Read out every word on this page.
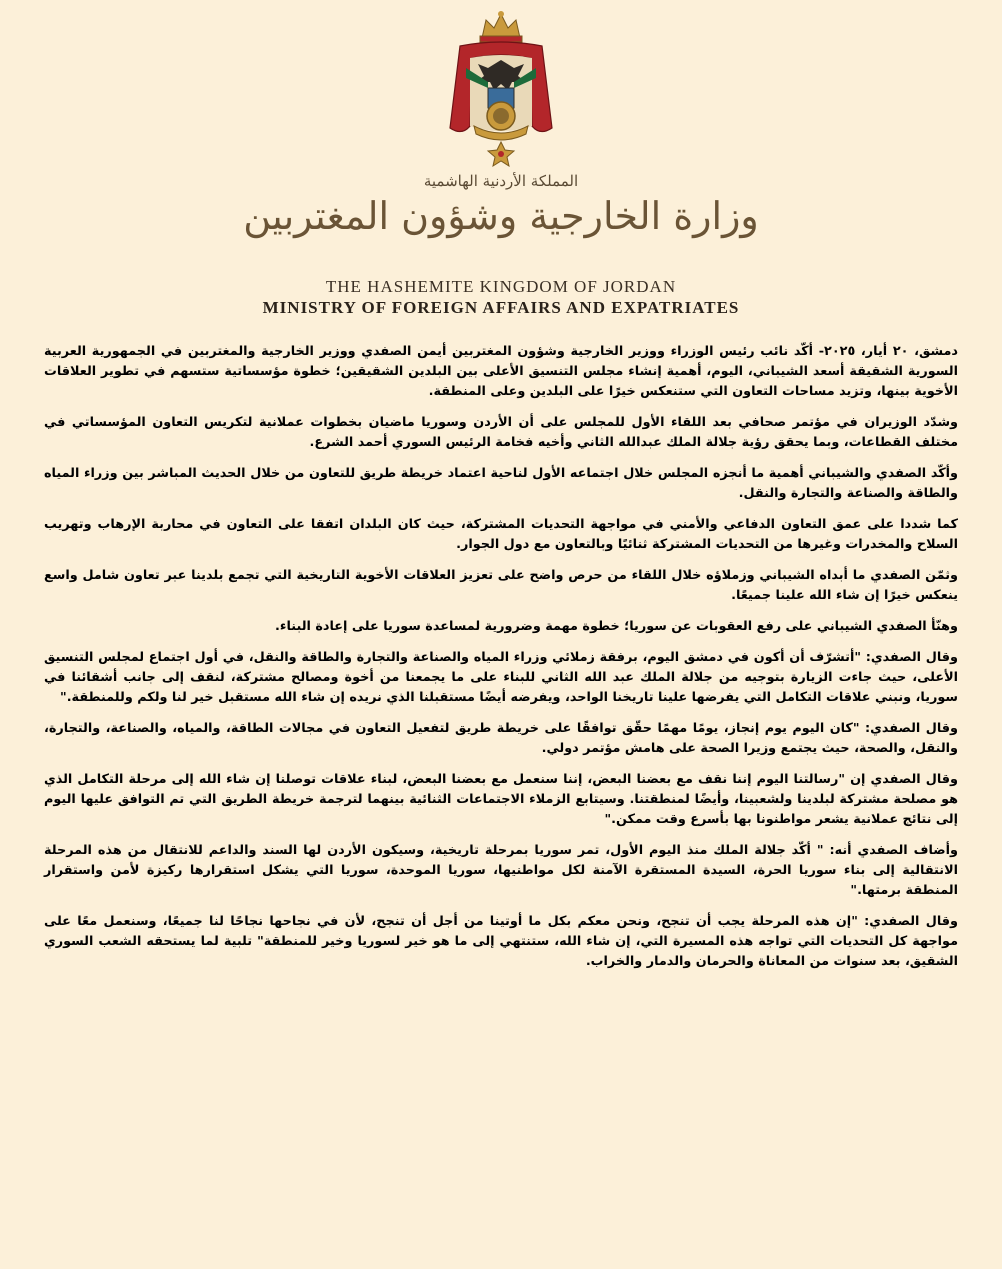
المملكة الأردنية الهاشمية
وزارة الخارجية وشؤون المغتربين
THE HASHEMITE KINGDOM OF JORDAN
MINISTRY OF FOREIGN AFFAIRS AND EXPATRIATES

دمشق، ٢٠ أيار، ٢٠٢٥- أكّد نائب رئيس الوزراء ووزير الخارجية وشؤون المغتربين أيمن الصفدي ووزير الخارجية والمغتربين في الجمهورية العربية السورية الشقيقة أسعد الشيباني، اليوم، أهمية إنشاء مجلس التنسيق الأعلى بين البلدين الشقيقين؛ خطوة مؤسساتية ستسهم في تطوير العلاقات الأخوية بينها، وتزيد مساحات التعاون التي ستنعكس خيرًا على البلدين وعلى المنطقة.

وشدّد الوزيران في مؤتمر صحافي بعد اللقاء الأول للمجلس على أن الأردن وسوريا ماضيان بخطوات عملانية لتكريس التعاون المؤسساتي في مختلف القطاعات، وبما يحقق رؤية جلالة الملك عبدالله الثاني وأخيه فخامة الرئيس السوري أحمد الشرع.

وأكّد الصفدي والشيباني أهمية ما أنجزه المجلس خلال اجتماعه الأول لناحية اعتماد خريطة طريق للتعاون من خلال الحديث المباشر بين وزراء المياه والطاقة والصناعة والتجارة والنقل.

كما شددا على عمق التعاون الدفاعي والأمني في مواجهة التحديات المشتركة، حيث كان البلدان اتفقا على التعاون في محاربة الإرهاب وتهريب السلاح والمخدرات وغيرها من التحديات المشتركة ثنائيًا وبالتعاون مع دول الجوار.

وثمّن الصفدي ما أبداه الشيباني وزملاؤه خلال اللقاء من حرص واضح على تعزيز العلاقات الأخوية التاريخية التي تجمع بلدينا عبر تعاون شامل واسع ينعكس خيرًا إن شاء الله علينا جميعًا.

وهنّأ الصفدي الشيباني على رفع العقوبات عن سوريا؛ خطوة مهمة وضرورية لمساعدة سوريا على إعادة البناء.

وقال الصفدي: "أتشرّف أن أكون في دمشق اليوم، برفقة زملائي وزراء المياه والصناعة والتجارة والطاقة والنقل، في أول اجتماع لمجلس التنسيق الأعلى، حيث جاءت الزيارة بتوجيه من جلالة الملك عبد الله الثاني للبناء على ما يجمعنا من أخوة ومصالح مشتركة، لنقف إلى جانب أشقائنا في سوريا، ونبني علاقات التكامل التي يفرضها علينا تاريخنا الواحد، ويفرضه أيضًا مستقبلنا الذي نريده إن شاء الله مستقبل خير لنا ولكم وللمنطقة."

وقال الصفدي: "كان اليوم يوم إنجاز، يومًا مهمًا حقّق توافقًا على خريطة طريق لتفعيل التعاون في مجالات الطاقة، والمياه، والصناعة، والتجارة، والنقل، والصحة، حيث يجتمع وزيرا الصحة على هامش مؤتمر دولي.

وقال الصفدي إن "رسالتنا اليوم إننا نقف مع بعضنا البعض، إننا سنعمل مع بعضنا البعض، لبناء علاقات توصلنا إن شاء الله إلى مرحلة التكامل الذي هو مصلحة مشتركة لبلدينا ولشعبينا، وأيضًا لمنطقتنا. وسيتابع الزملاء الاجتماعات الثنائية بينهما لترجمة خريطة الطريق التي تم التوافق عليها اليوم إلى نتائج عملانية يشعر مواطنونا بها بأسرع وقت ممكن."

وأضاف الصفدي أنه: " أكّد جلالة الملك منذ اليوم الأول، تمر سوريا بمرحلة تاريخية، وسيكون الأردن لها السند والداعم للانتقال من هذه المرحلة الانتقالية إلى بناء سوريا الحرة، السيدة المستقرة الآمنة لكل مواطنيها، سوريا الموحدة، سوريا التي يشكل استقرارها ركيزة لأمن واستقرار المنطقة برمتها."

وقال الصفدي: "إن هذه المرحلة يجب أن تنجح، ونحن معكم بكل ما أوتينا من أجل أن تنجح، لأن في نجاحها نجاحًا لنا جميعًا، وسنعمل معًا على مواجهة كل التحديات التي تواجه هذه المسيرة التي، إن شاء الله، ستنتهي إلى ما هو خير لسوريا وخير للمنطقة" تلبية لما يستحقه الشعب السوري الشقيق، بعد سنوات من المعاناة والحرمان والدمار والخراب.
